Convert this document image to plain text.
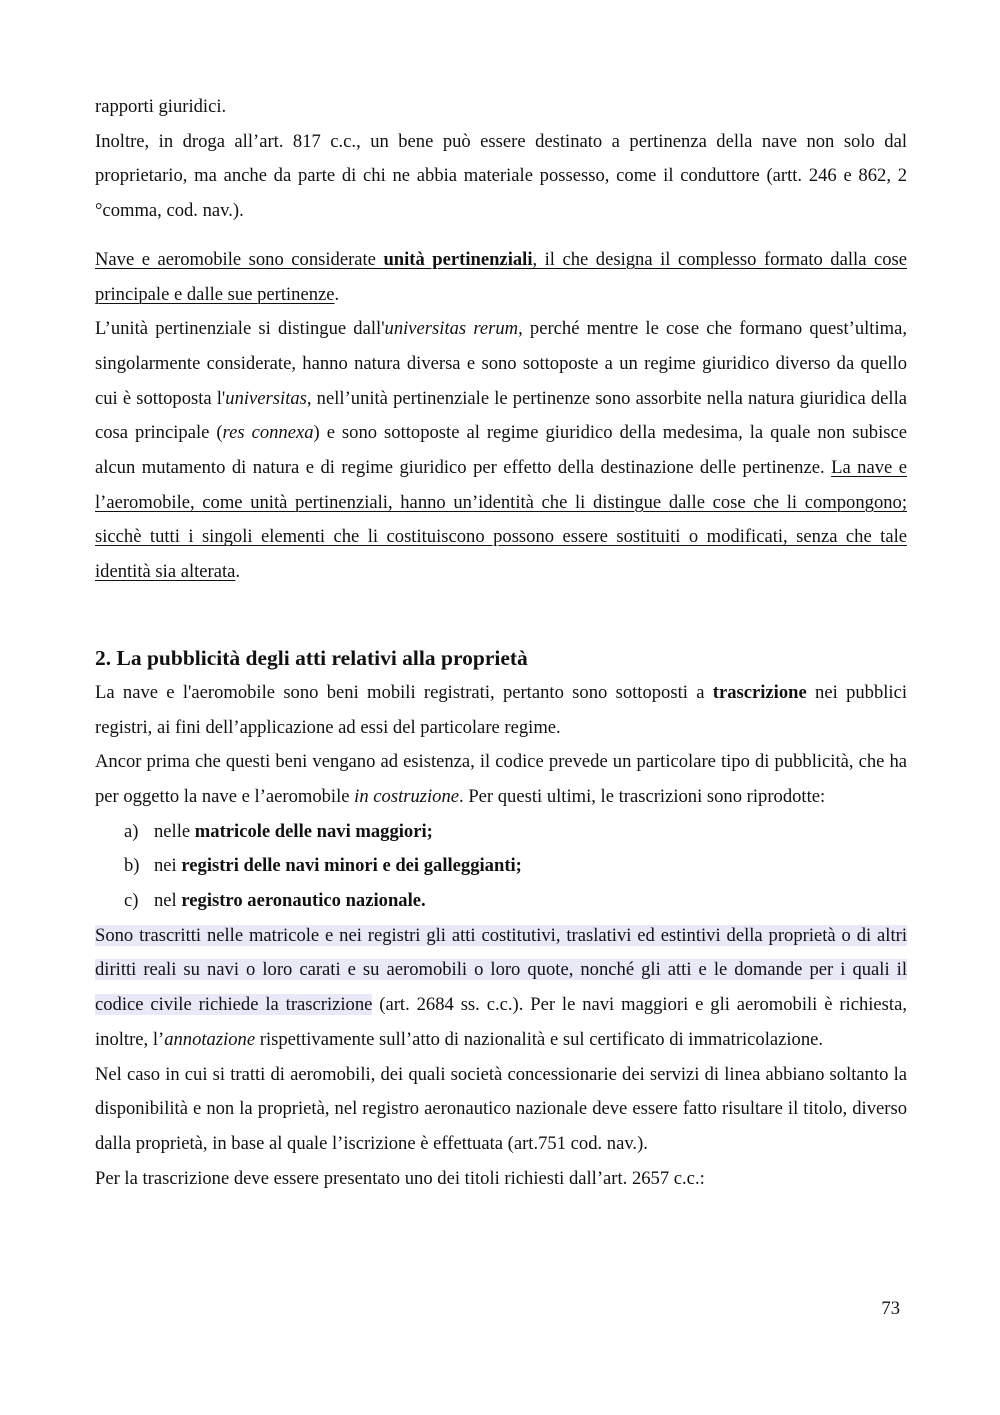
rapporti giuridici.

Inoltre, in droga all’art. 817 c.c., un bene può essere destinato a pertinenza della nave non solo dal proprietario, ma anche da parte di chi ne abbia materiale possesso, come il conduttore (artt. 246 e 862, 2 °comma, cod. nav.).

Nave e aeromobile sono considerate unità pertinenziali, il che designa il complesso formato dalla cose principale e dalle sue pertinenze.

L’unità pertinenziale si distingue dall'universitas rerum, perché mentre le cose che formano quest’ultima, singolarmente considerate, hanno natura diversa e sono sottoposte a un regime giuridico diverso da quello cui è sottoposta l'universitas, nell’unità pertinenziale le pertinenze sono assorbite nella natura giuridica della cosa principale (res connexa) e sono sottoposte al regime giuridico della medesima, la quale non subisce alcun mutamento di natura e di regime giuridico per effetto della destinazione delle pertinenze. La nave e l’aeromobile, come unità pertinenziali, hanno un’identità che li distingue dalle cose che li compongono; sicchè tutti i singoli elementi che li costituiscono possono essere sostituiti o modificati, senza che tale identità sia alterata.

2. La pubblicità degli atti relativi alla proprietà

La nave e l'aeromobile sono beni mobili registrati, pertanto sono sottoposti a trascrizione nei pubblici registri, ai fini dell’applicazione ad essi del particolare regime.

Ancor prima che questi beni vengano ad esistenza, il codice prevede un particolare tipo di pubblicità, che ha per oggetto la nave e l’aeromobile in costruzione. Per questi ultimi, le trascrizioni sono riprodotte:

a) nelle matricole delle navi maggiori;
b) nei registri delle navi minori e dei galleggianti;
c) nel registro aeronautico nazionale.

Sono trascritti nelle matricole e nei registri gli atti costitutivi, traslativi ed estintivi della proprietà o di altri diritti reali su navi o loro carati e su aeromobili o loro quote, nonché gli atti e le domande per i quali il codice civile richiede la trascrizione (art. 2684 ss. c.c.). Per le navi maggiori e gli aeromobili è richiesta, inoltre, l’annotazione rispettivamente sull’atto di nazionalità e sul certificato di immatricolazione.

Nel caso in cui si tratti di aeromobili, dei quali società concessionarie dei servizi di linea abbiano soltanto la disponibilità e non la proprietà, nel registro aeronautico nazionale deve essere fatto risultare il titolo, diverso dalla proprietà, in base al quale l’iscrizione è effettuata (art.751 cod. nav.).

Per la trascrizione deve essere presentato uno dei titoli richiesti dall’art. 2657 c.c.:

73
